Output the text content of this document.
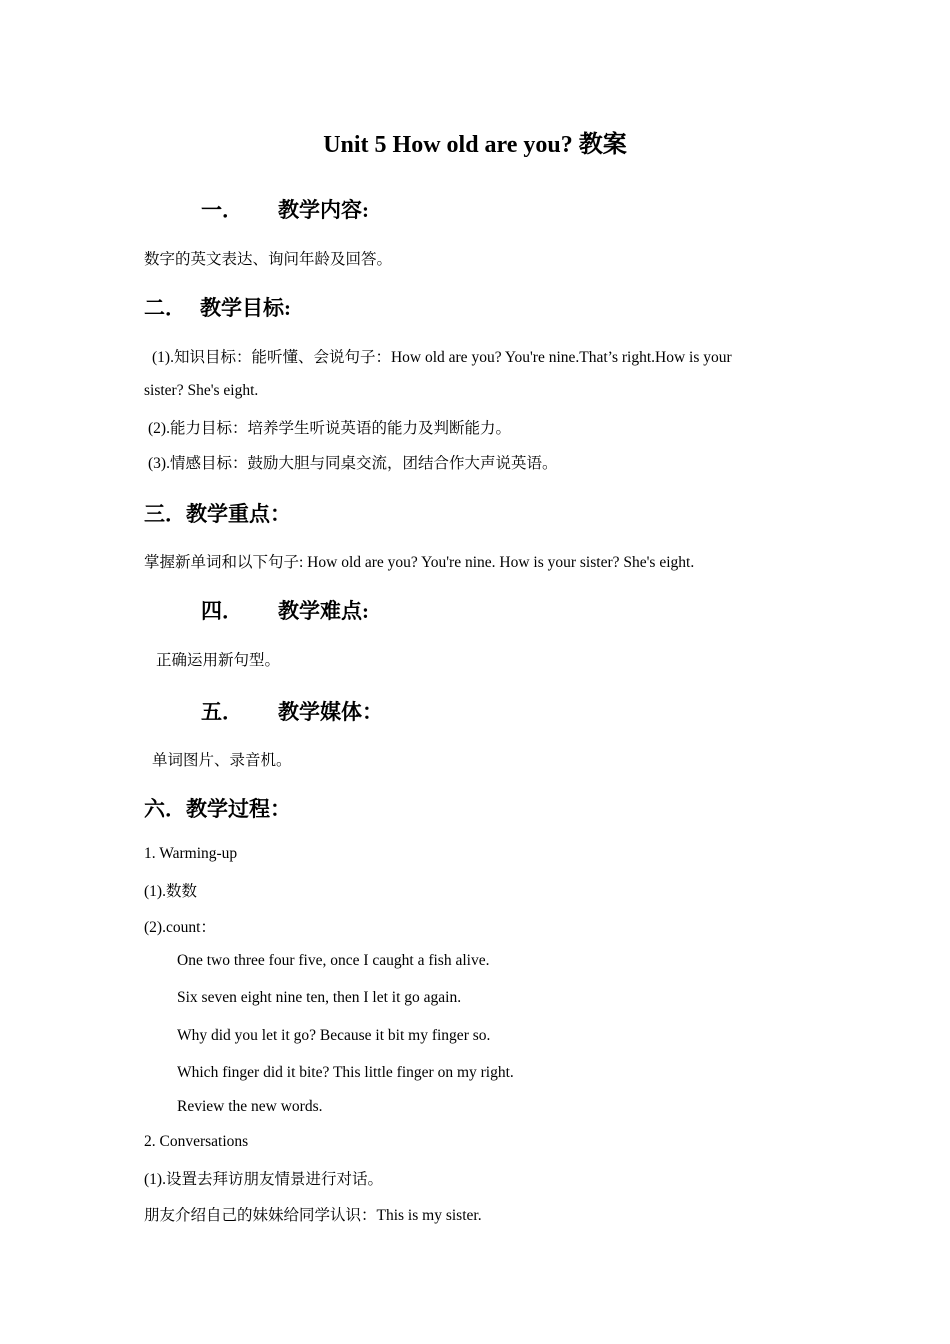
Unit 5 How old are you? 教案
一． 教学内容:
数字的英文表达、询问年龄及回答。
二． 教学目标:
(1).知识目标：能听懂、会说句子：How old are you? You're nine.That’s right.How is your
sister? She's eight.
(2).能力目标：培养学生听说英语的能力及判断能力。
(3).情感目标：鼓励大胆与同桌交流，团结合作大声说英语。
三．教学重点：
掌握新单词和以下句子: How old are you? You're nine. How is your sister? She's eight.
四． 教学难点:
正确运用新句型。
五． 教学媒体：
单词图片、录音机。
六．教学过程：
1. Warming-up
(1).数数
(2).count：
One two three four five, once I caught a fish alive.
Six seven eight nine ten, then I let it go again.
Why did you let it go? Because it bit my finger so.
Which finger did it bite? This little finger on my right.
Review the new words.
2. Conversations
(1).设置去拜访朋友情景进行对话。
朋友介绍自己的妹妹给同学认识：This is my sister.
